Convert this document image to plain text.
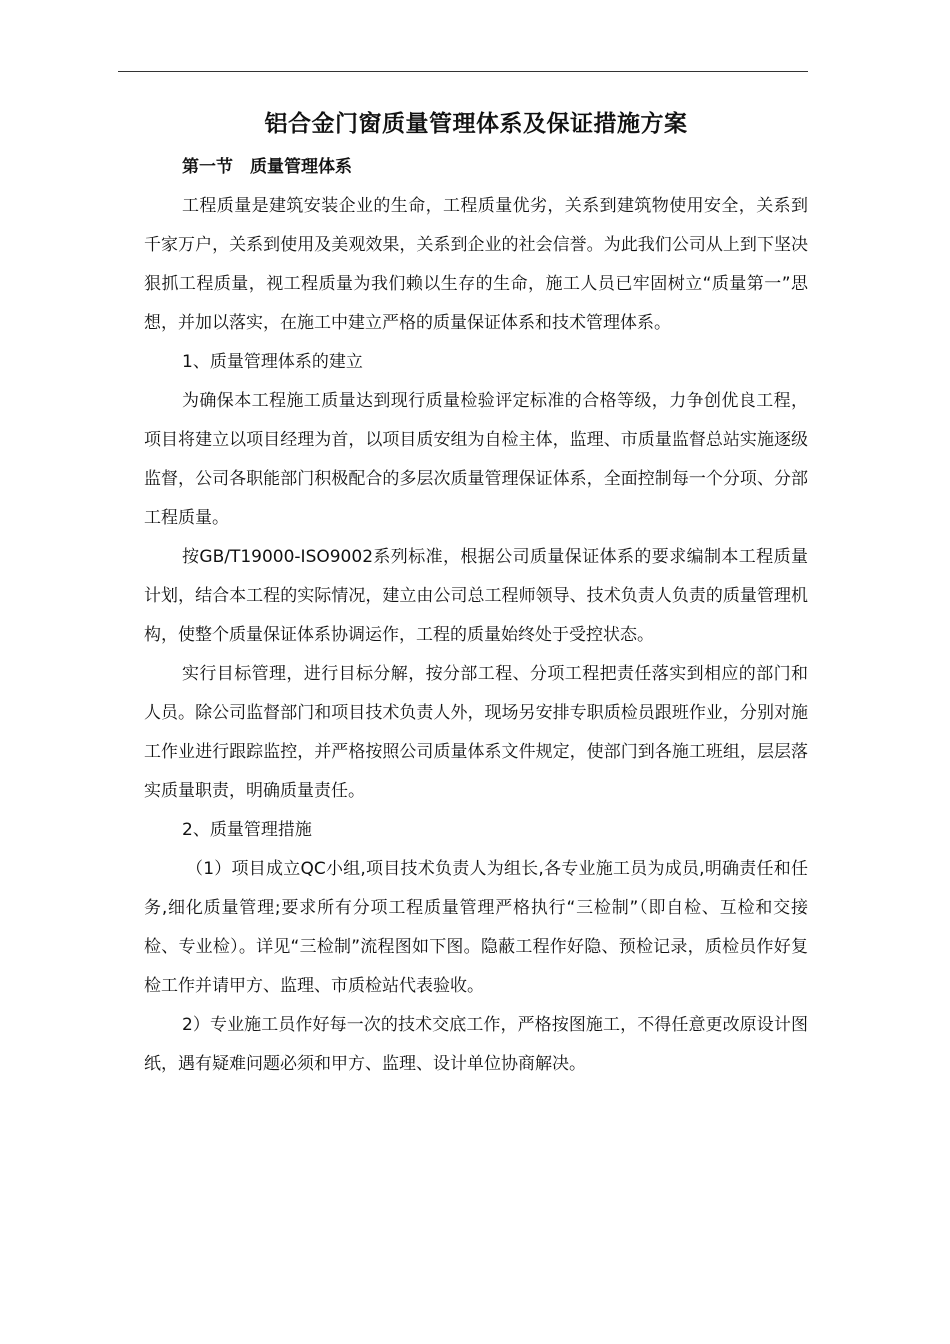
铝合金门窗质量管理体系及保证措施方案

第一节　质量管理体系

工程质量是建筑安装企业的生命，工程质量优劣，关系到建筑物使用安全，关系到千家万户，关系到使用及美观效果，关系到企业的社会信誉。为此我们公司从上到下坚决狠抓工程质量，视工程质量为我们赖以生存的生命，施工人员已牢固树立“质量第一”思想，并加以落实，在施工中建立严格的质量保证体系和技术管理体系。

1、质量管理体系的建立

为确保本工程施工质量达到现行质量检验评定标准的合格等级，力争创优良工程，项目将建立以项目经理为首，以项目质安组为自检主体，监理、市质量监督总站实施逐级监督，公司各职能部门积极配合的多层次质量管理保证体系，全面控制每一个分项、分部工程质量。

按GB/T19000-ISO9002系列标准，根据公司质量保证体系的要求编制本工程质量计划，结合本工程的实际情况，建立由公司总工程师领导、技术负责人负责的质量管理机构，使整个质量保证体系协调运作，工程的质量始终处于受控状态。

实行目标管理，进行目标分解，按分部工程、分项工程把责任落实到相应的部门和人员。除公司监督部门和项目技术负责人外，现场另安排专职质检员跟班作业，分别对施工作业进行跟踪监控，并严格按照公司质量体系文件规定，使部门到各施工班组，层层落实质量职责，明确质量责任。

2、质量管理措施

（1）项目成立QC小组,项目技术负责人为组长,各专业施工员为成员,明确责任和任务,细化质量管理;要求所有分项工程质量管理严格执行“三检制”（即自检、互检和交接检、专业检）。详见“三检制”流程图如下图。隐蔽工程作好隐、预检记录，质检员作好复检工作并请甲方、监理、市质检站代表验收。

2）专业施工员作好每一次的技术交底工作，严格按图施工，不得任意更改原设计图纸，遇有疑难问题必须和甲方、监理、设计单位协商解决。
